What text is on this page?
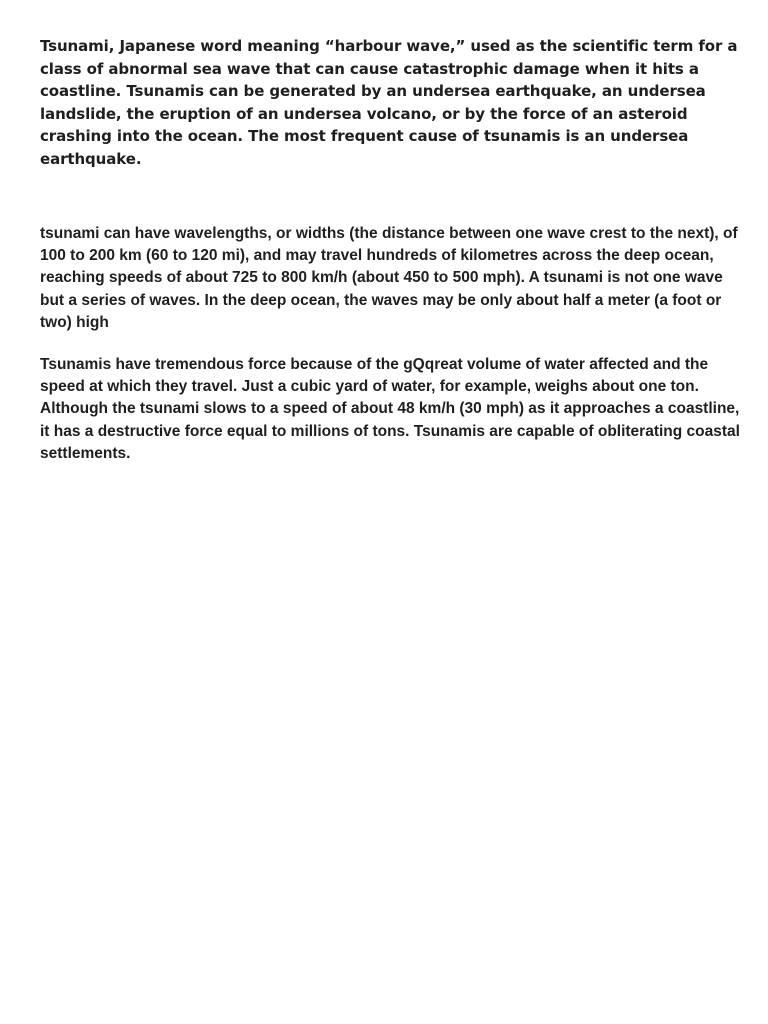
Tsunami, Japanese word meaning “harbour wave,” used as the scientific term for a class of abnormal sea wave that can cause catastrophic damage when it hits a coastline. Tsunamis can be generated by an undersea earthquake, an undersea landslide, the eruption of an undersea volcano, or by the force of an asteroid crashing into the ocean. The most frequent cause of tsunamis is an undersea earthquake.

tsunami can have wavelengths, or widths (the distance between one wave crest to the next), of 100 to 200 km (60 to 120 mi), and may travel hundreds of kilometres across the deep ocean, reaching speeds of about 725 to 800 km/h (about 450 to 500 mph). A tsunami is not one wave but a series of waves. In the deep ocean, the waves may be only about half a meter (a foot or two) high

Tsunamis have tremendous force because of the gQqreat volume of water affected and the speed at which they travel. Just a cubic yard of water, for example, weighs about one ton. Although the tsunami slows to a speed of about 48 km/h (30 mph) as it approaches a coastline, it has a destructive force equal to millions of tons. Tsunamis are capable of obliterating coastal settlements.
